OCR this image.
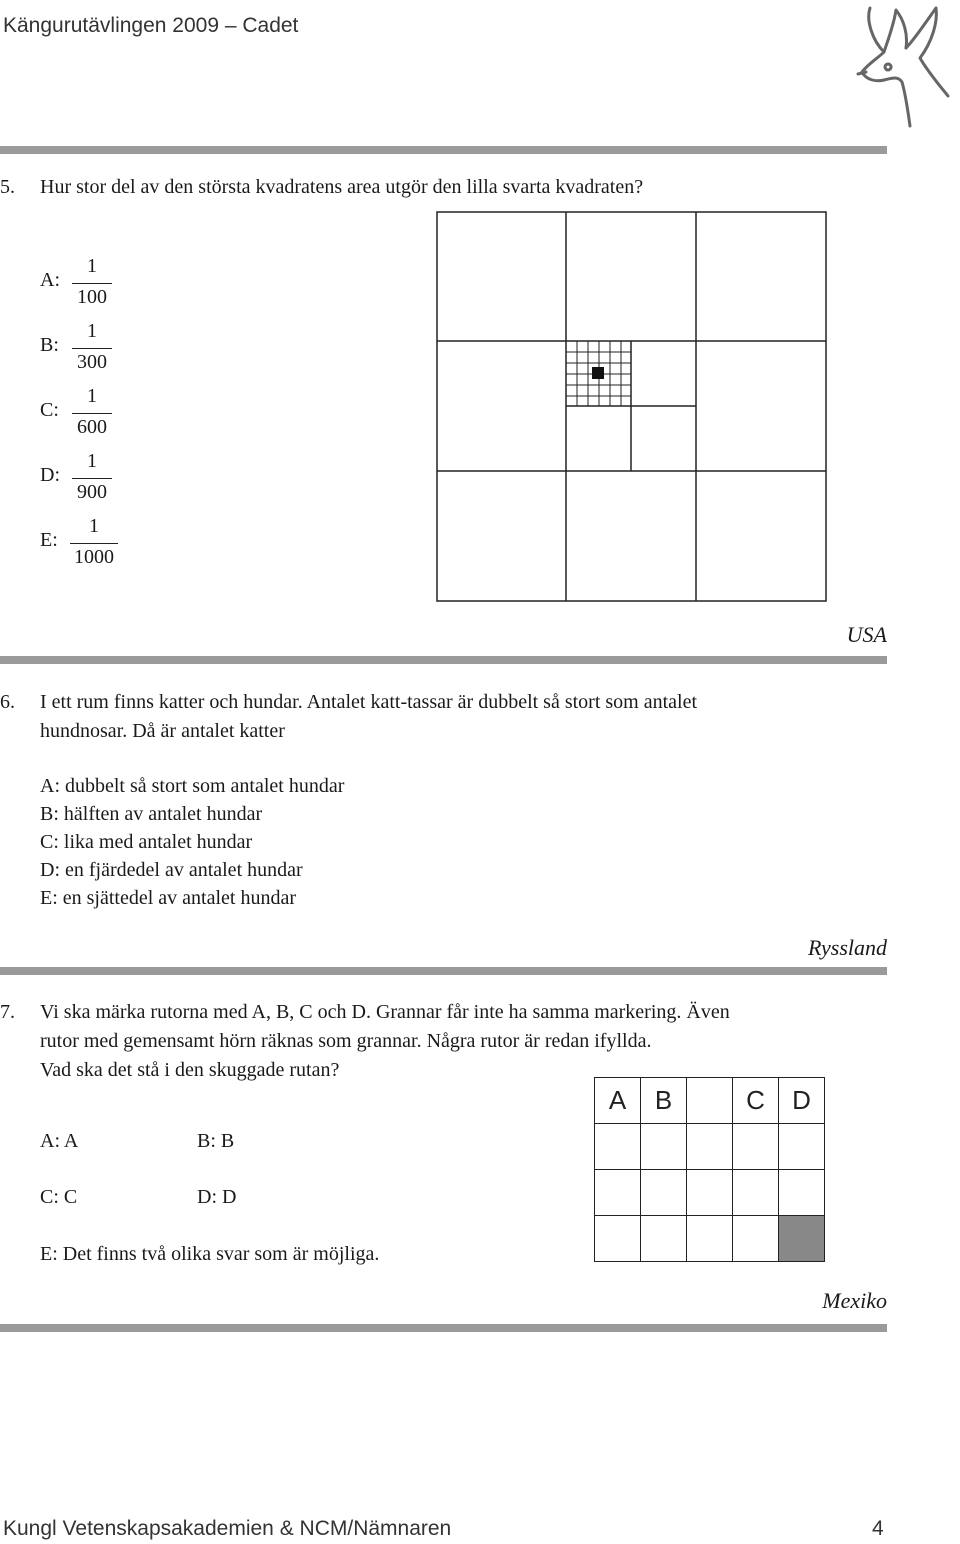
Kängurutävlingen 2009 – Cadet
5. Hur stor del av den största kvadratens area utgör den lilla svarta kvadraten?
A:
1
100
B:
1
300
C:
1
600
D:
1
900
E:
1
1000
USA
6. I ett rum finns katter och hundar. Antalet katt-tassar är dubbelt så stort som antalet
hundnosar. Då är antalet katter
A: dubbelt så stort som antalet hundar
B: hälften av antalet hundar
C: lika med antalet hundar
D: en fjärdedel av antalet hundar
E: en sjättedel av antalet hundar
Ryssland
7. Vi ska märka rutorna med A, B, C och D. Grannar får inte ha samma markering. Även
rutor med gemensamt hörn räknas som grannar. Några rutor är redan ifyllda.
Vad ska det stå i den skuggade rutan?
A: A	B: B
C: C	D: D
E: Det finns två olika svar som är möjliga.
A	B		C	D

Mexiko
Kungl Vetenskapsakademien & NCM/Nämnaren	4
